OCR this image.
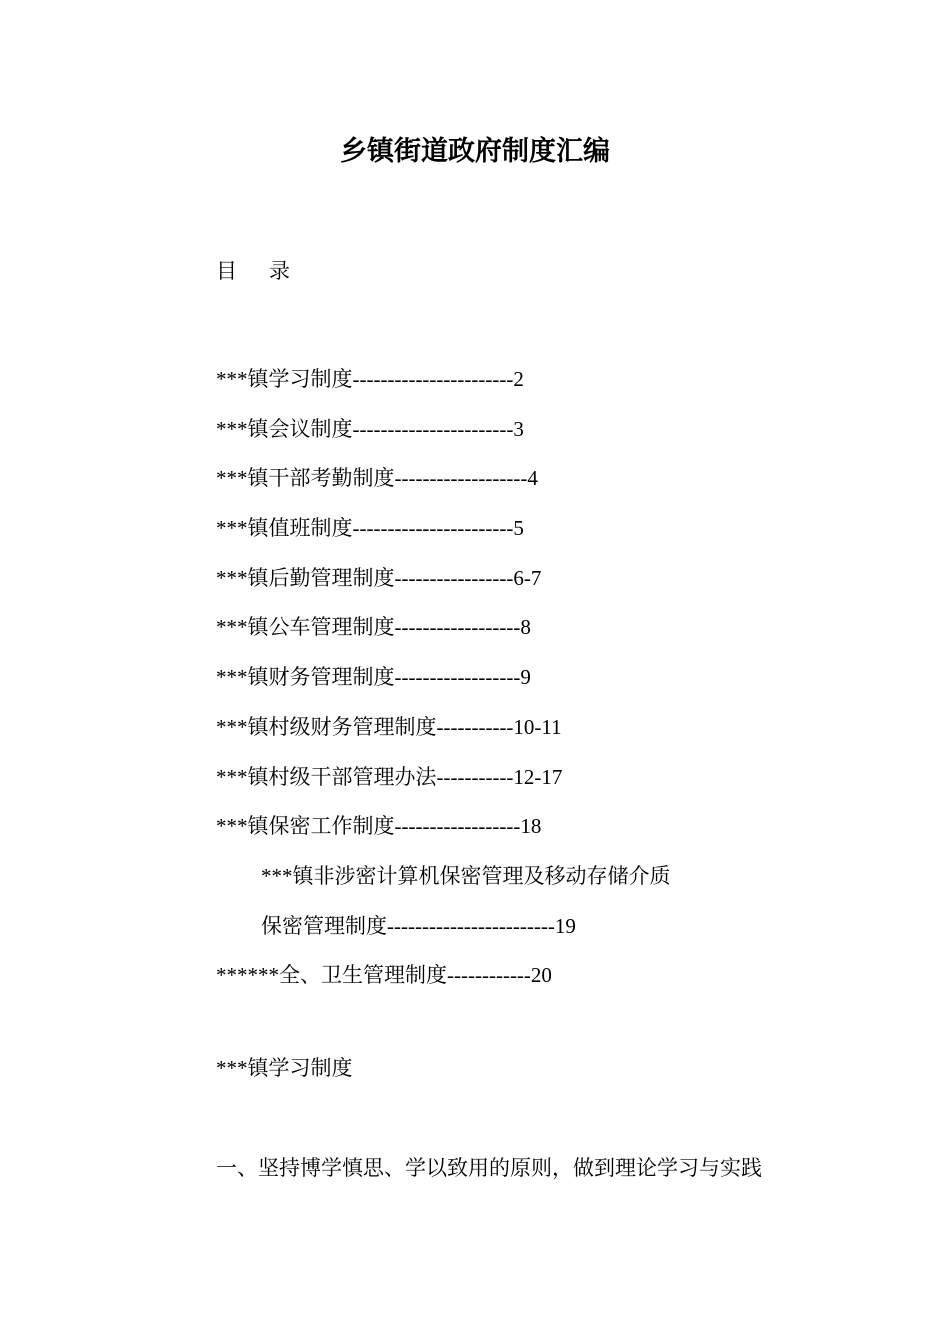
乡镇街道政府制度汇编
目 录
***镇学习制度-----------------------2
***镇会议制度-----------------------3
***镇干部考勤制度-------------------4
***镇值班制度-----------------------5
***镇后勤管理制度-----------------6-7
***镇公车管理制度------------------8
***镇财务管理制度------------------9
***镇村级财务管理制度-----------10-11
***镇村级干部管理办法-----------12-17
***镇保密工作制度------------------18
***镇非涉密计算机保密管理及移动存储介质
保密管理制度------------------------19
******全、卫生管理制度------------20
***镇学习制度

一、坚持博学慎思、学以致用的原则，做到理论学习与实践
